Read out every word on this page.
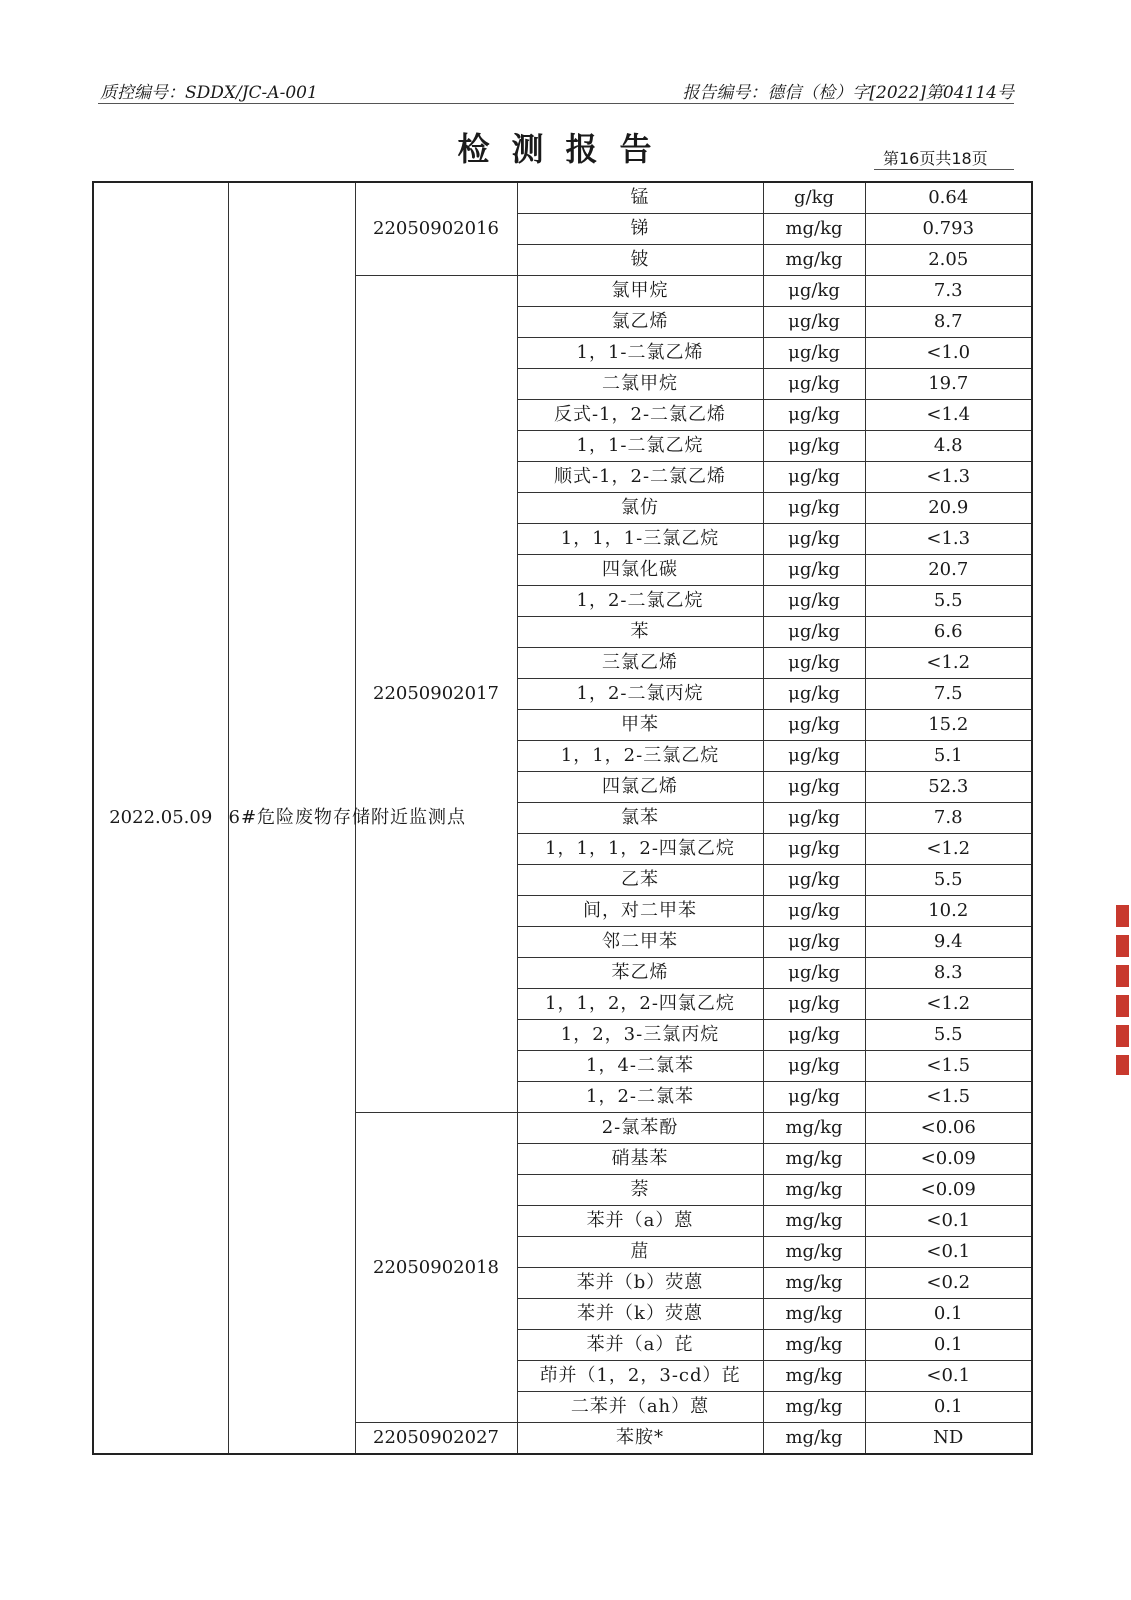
质控编号：SDDX/JC-A-001	报告编号：德信（检）字[2022]第04114号
检测报告	第16页共18页
2022.05.09	6#危险废物存储附近监测点	22050902016	锰	g/kg	0.64
			锑	mg/kg	0.793
			铍	mg/kg	2.05
		22050902017	氯甲烷	μg/kg	7.3
			氯乙烯	μg/kg	8.7
			1，1-二氯乙烯	μg/kg	<1.0
			二氯甲烷	μg/kg	19.7
			反式-1，2-二氯乙烯	μg/kg	<1.4
			1，1-二氯乙烷	μg/kg	4.8
			顺式-1，2-二氯乙烯	μg/kg	<1.3
			氯仿	μg/kg	20.9
			1，1，1-三氯乙烷	μg/kg	<1.3
			四氯化碳	μg/kg	20.7
			1，2-二氯乙烷	μg/kg	5.5
			苯	μg/kg	6.6
			三氯乙烯	μg/kg	<1.2
			1，2-二氯丙烷	μg/kg	7.5
			甲苯	μg/kg	15.2
			1，1，2-三氯乙烷	μg/kg	5.1
			四氯乙烯	μg/kg	52.3
			氯苯	μg/kg	7.8
			1，1，1，2-四氯乙烷	μg/kg	<1.2
			乙苯	μg/kg	5.5
			间，对二甲苯	μg/kg	10.2
			邻二甲苯	μg/kg	9.4
			苯乙烯	μg/kg	8.3
			1，1，2，2-四氯乙烷	μg/kg	<1.2
			1，2，3-三氯丙烷	μg/kg	5.5
			1，4-二氯苯	μg/kg	<1.5
			1，2-二氯苯	μg/kg	<1.5
		22050902018	2-氯苯酚	mg/kg	<0.06
			硝基苯	mg/kg	<0.09
			萘	mg/kg	<0.09
			苯并（a）蒽	mg/kg	<0.1
			䓛	mg/kg	<0.1
			苯并（b）荧蒽	mg/kg	<0.2
			苯并（k）荧蒽	mg/kg	0.1
			苯并（a）芘	mg/kg	0.1
			茚并（1，2，3-cd）芘	mg/kg	<0.1
			二苯并（ah）蒽	mg/kg	0.1
		22050902027	苯胺*	mg/kg	ND
